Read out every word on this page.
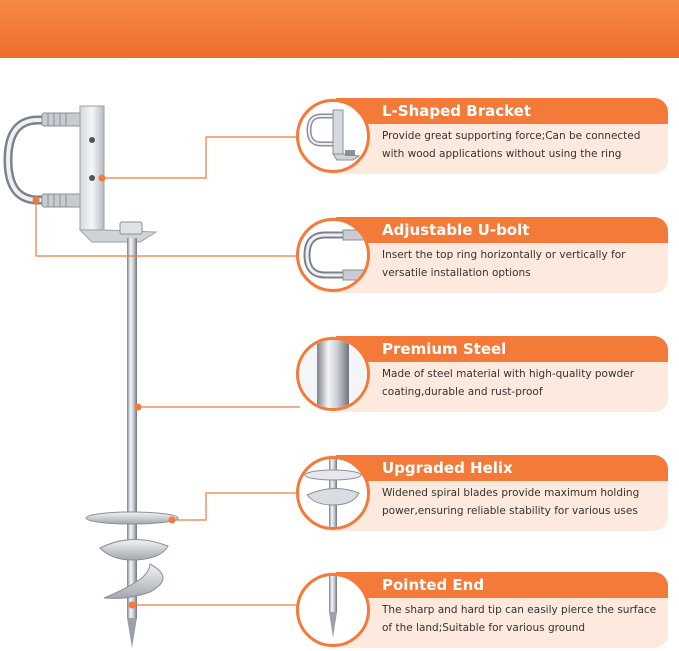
L-Shaped Bracket
Provide great supporting force;Can be connected with wood applications without using the ring
Adjustable U-bolt
Insert the top ring horizontally or vertically for versatile installation options
Premium Steel
Made of steel material with high-quality powder coating,durable and rust-proof
Upgraded Helix
Widened spiral blades provide maximum holding power,ensuring reliable stability for various uses
Pointed End
The sharp and hard tip can easily pierce the surface of the land;Suitable for various ground
